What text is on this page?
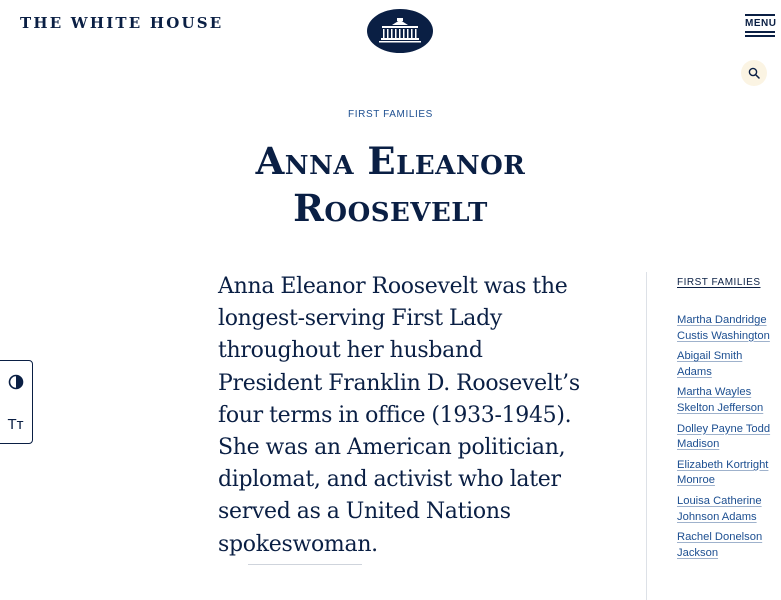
THE WHITE HOUSE	MENU
FIRST FAMILIES
Anna Eleanor
Roosevelt

Anna Eleanor Roosevelt was the longest-serving First Lady throughout her husband President Franklin D. Roosevelt’s four terms in office (1933-1945). She was an American politician, diplomat, and activist who later served as a United Nations spokeswoman.

Tт
FIRST FAMILIES
Martha Dandridge Custis Washington
Abigail Smith Adams
Martha Wayles Skelton Jefferson
Dolley Payne Todd Madison
Elizabeth Kortright Monroe
Louisa Catherine Johnson Adams
Rachel Donelson Jackson
